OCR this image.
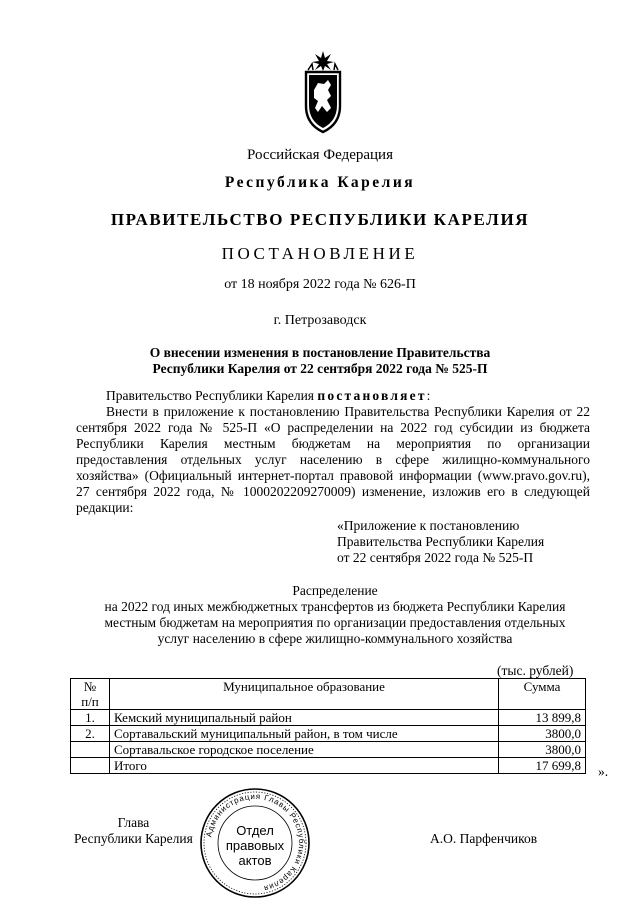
Российская Федерация
Республика Карелия
ПРАВИТЕЛЬСТВО РЕСПУБЛИКИ КАРЕЛИЯ
ПОСТАНОВЛЕНИЕ
от 18 ноября 2022 года № 626-П
г. Петрозаводск
О внесении изменения в постановление Правительства
Республики Карелия от 22 сентября 2022 года № 525-П
Правительство Республики Карелия постановляет:
Внести в приложение к постановлению Правительства Республики Карелия от 22 сентября 2022 года № 525-П «О распределении на 2022 год субсидии из бюджета Республики Карелия местным бюджетам на мероприятия по организации предоставления отдельных услуг населению в сфере жилищно-коммунального хозяйства» (Официальный интернет-портал правовой информации (www.pravo.gov.ru), 27 сентября 2022 года, № 1000202209270009) изменение, изложив его в следующей редакции:
«Приложение к постановлению
Правительства Республики Карелия
от 22 сентября 2022 года № 525-П
Распределение
на 2022 год иных межбюджетных трансфертов из бюджета Республики Карелия
местным бюджетам на мероприятия по организации предоставления отдельных
услуг населению в сфере жилищно-коммунального хозяйства
(тыс. рублей)
№
п/п	Муниципальное образование	Сумма
1.	Кемский муниципальный район	13 899,8
2.	Сортавальский муниципальный район, в том числе	3800,0
	Сортавальское городское поселение	3800,0
	Итого	17 699,8 ».
Глава
Республики Карелия Администрация Главы Республики Карелия
Отдел
правовых
актов
А.О. Парфенчиков
